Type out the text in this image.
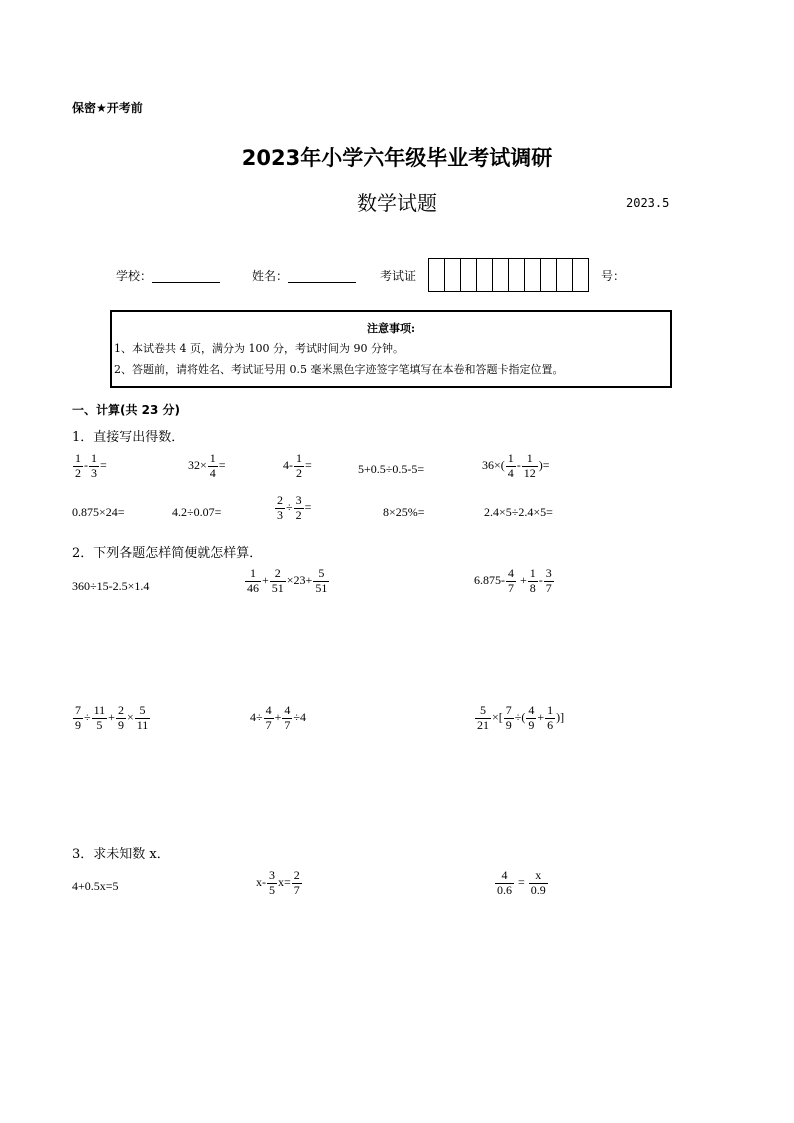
保密★开考前
2023年小学六年级毕业考试调研
数学试题	2023.5
学校：	姓名：	考试证	号：
注意事项:
1、本试卷共 4 页，满分为 100 分，考试时间为 90 分钟。
2、答题前，请将姓名、考试证号用 0.5 毫米黑色字迹签字笔填写在本卷和答题卡指定位置。
一、计算(共 23 分)
1．直接写出得数．
$\frac{1}{2} - \frac{1}{3}$ =	$32\times \frac{1}{4}$ =	$4- \frac{1}{2}$ =	5+0.5÷0.5-5=	$36\times( \frac{1}{4} - \frac{1}{12}$ )=
0.875×24=	4.2÷0.07=	$\frac{2}{3} \div \frac{3}{2}$ =	8×25%=	2.4×5÷2.4×5=
2．下列各题怎样简便就怎样算．
360÷15-2.5×1.4	$\frac{1}{46} + \frac{2}{51} \times 23+ \frac{5}{51}$	$6.875- \frac{4}{7} + \frac{1}{8} - \frac{3}{7}$
$\frac{7}{9} \div \frac{11}{5} + \frac{2}{9} \times \frac{5}{11}$	$4\div \frac{4}{7} + \frac{4}{7} \div 4$	$\frac{5}{21}$ ×[ $\frac{7}{9}$ ÷( $\frac{4}{9} + \frac{1}{6}$ )]
3．求未知数 x．
4+0.5x=5	$x- \frac{3}{5} x= \frac{2}{7}$	$\frac{4}{0.6} = \frac{x}{0.9}$
